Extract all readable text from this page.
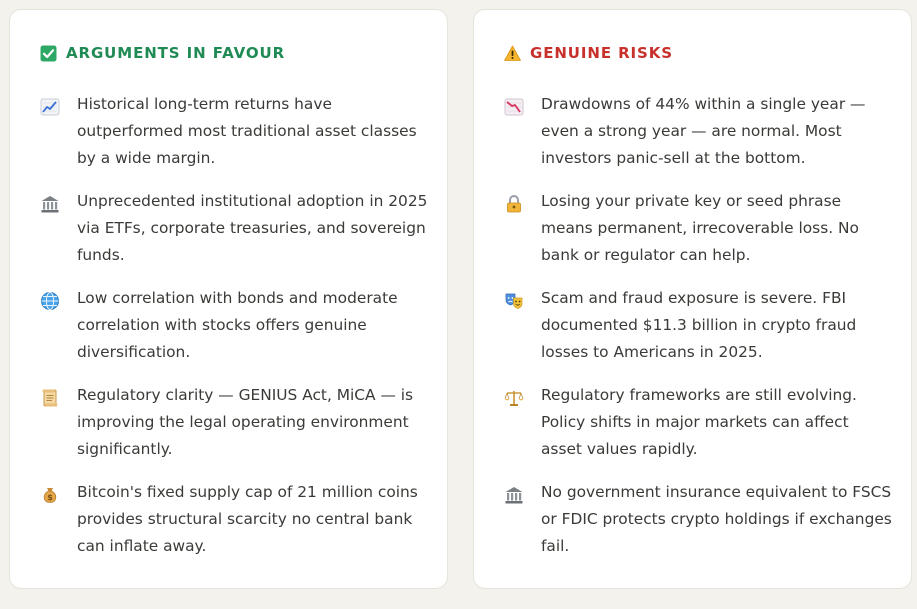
ARGUMENTS IN FAVOUR
Historical long-term returns have outperformed most traditional asset classes by a wide margin.
Unprecedented institutional adoption in 2025 via ETFs, corporate treasuries, and sovereign funds.
Low correlation with bonds and moderate correlation with stocks offers genuine diversification.
Regulatory clarity — GENIUS Act, MiCA — is improving the legal operating environment significantly.
$ Bitcoin's fixed supply cap of 21 million coins provides structural scarcity no central bank can inflate away.
GENUINE RISKS
Drawdowns of 44% within a single year — even a strong year — are normal. Most investors panic-sell at the bottom.
Losing your private key or seed phrase means permanent, irrecoverable loss. No bank or regulator can help.
Scam and fraud exposure is severe. FBI documented $11.3 billion in crypto fraud losses to Americans in 2025.
Regulatory frameworks are still evolving. Policy shifts in major markets can affect asset values rapidly.
No government insurance equivalent to FSCS or FDIC protects crypto holdings if exchanges fail.
